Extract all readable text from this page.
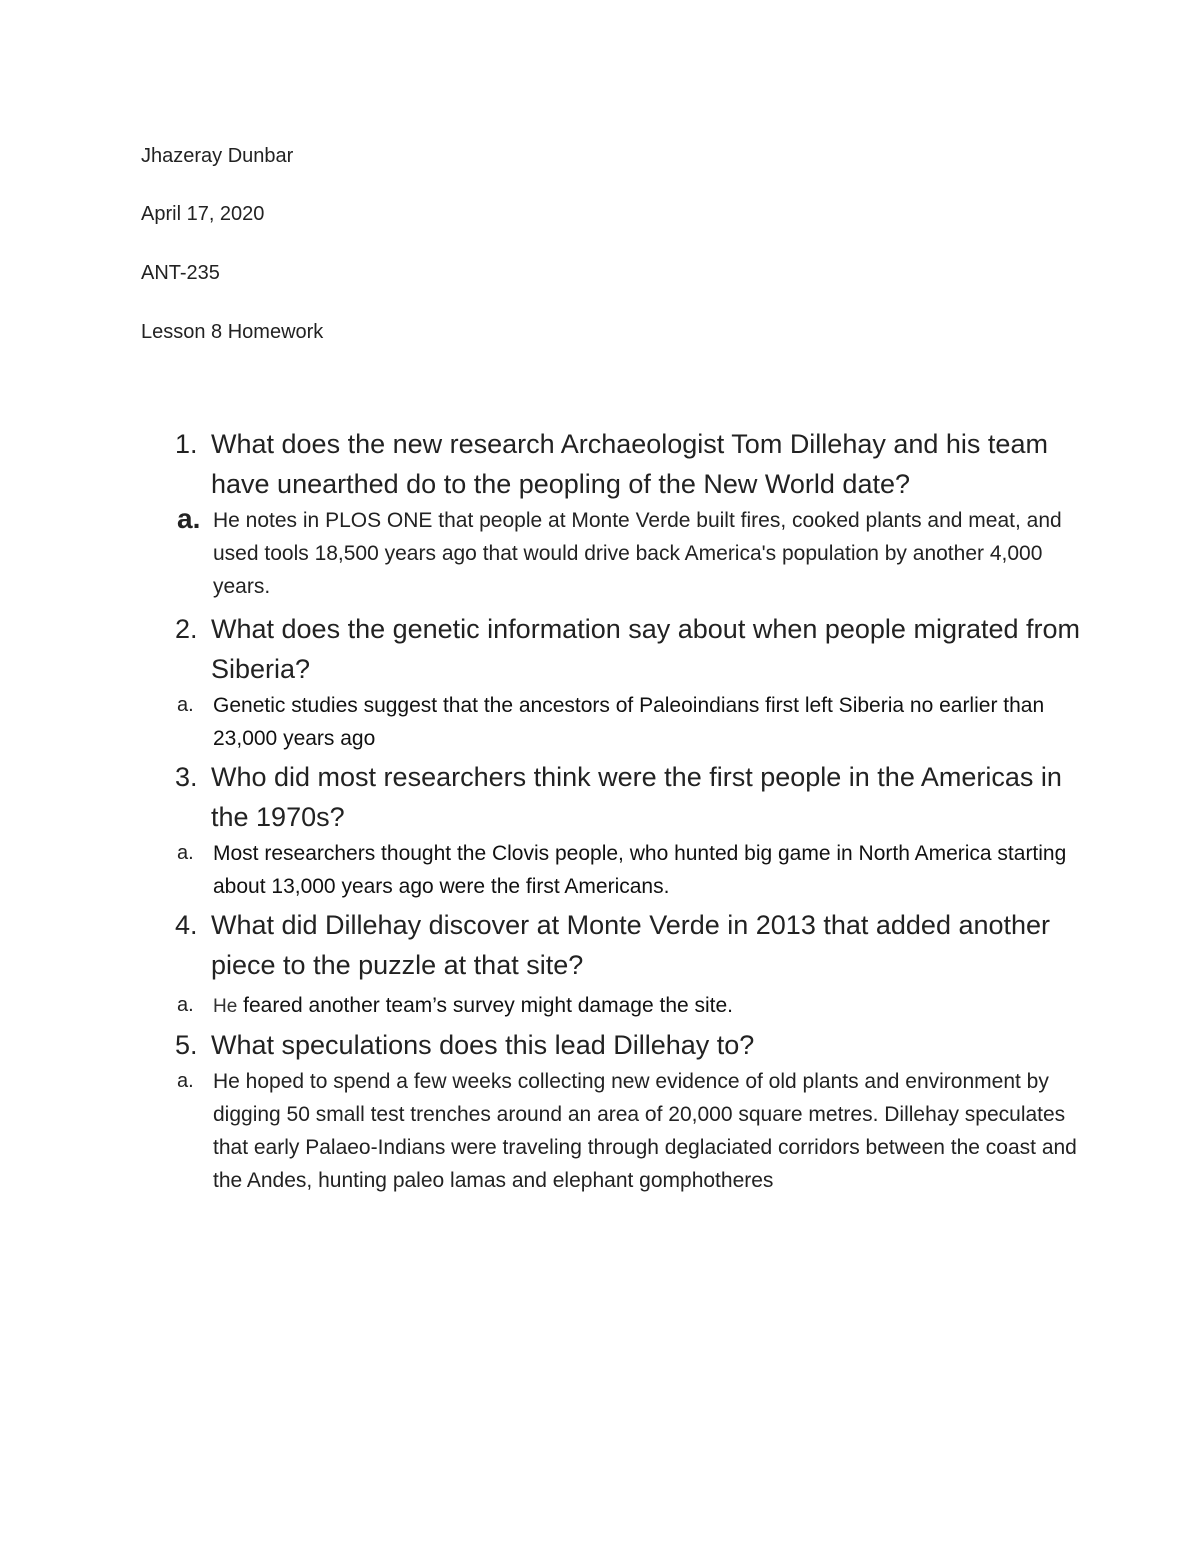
Jhazeray Dunbar
April 17, 2020
ANT-235
Lesson 8 Homework
1. What does the new research Archaeologist Tom Dillehay and his team have unearthed do to the peopling of the New World date?
a. He notes in PLOS ONE that people at Monte Verde built fires, cooked plants and meat, and used tools 18,500 years ago that would drive back America's population by another 4,000 years.
2. What does the genetic information say about when people migrated from Siberia?
a. Genetic studies suggest that the ancestors of Paleoindians first left Siberia no earlier than 23,000 years ago
3. Who did most researchers think were the first people in the Americas in the 1970s?
a. Most researchers thought the Clovis people, who hunted big game in North America starting about 13,000 years ago were the first Americans.
4. What did Dillehay discover at Monte Verde in 2013 that added another piece to the puzzle at that site?
a. He feared another team’s survey might damage the site.
5. What speculations does this lead Dillehay to?
a. He hoped to spend a few weeks collecting new evidence of old plants and environment by digging 50 small test trenches around an area of 20,000 square metres. Dillehay speculates that early Palaeo-Indians were traveling through deglaciated corridors between the coast and the Andes, hunting paleo lamas and elephant gomphotheres
